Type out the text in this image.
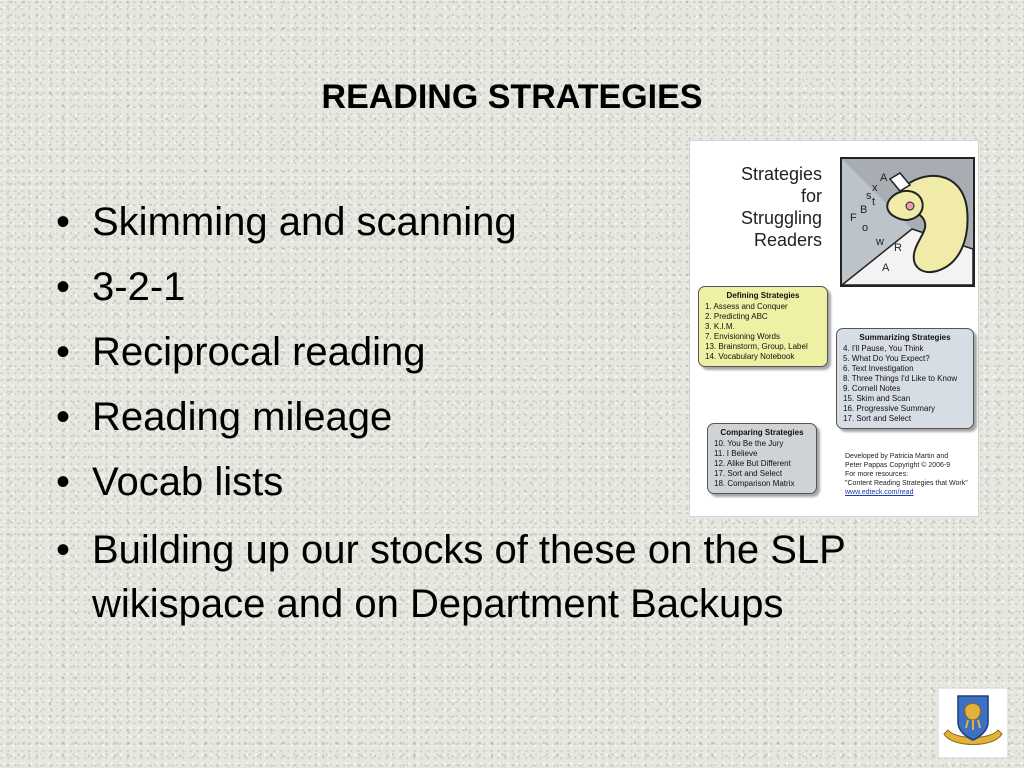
READING STRATEGIES
• Skimming and scanning
• 3-2-1
• Reciprocal reading
• Reading mileage
• Vocab lists
• Building up our stocks of these on the SLP wikispace and on Department Backups
Strategies
for
Struggling
Readers
A
x
s t
B
F
o
w R
A
Defining Strategies
1. Assess and Conquer
2. Predicting ABC
3. K.I.M.
7. Envisioning Words
13. Brainstorm, Group, Label
14. Vocabulary Notebook
Summarizing Strategies
4. I'll Pause, You Think
5. What Do You Expect?
6. Text Investigation
8. Three Things I'd Like to Know
9. Cornell Notes
15. Skim and Scan
16. Progressive Summary
17. Sort and Select
Comparing Strategies
10. You Be the Jury
11. I Believe
12. Alike But Different
17. Sort and Select
18. Comparison Matrix
Developed by Patricia Martin and
Peter Pappas Copyright © 2006-9
For more resources:
"Content Reading Strategies that Work"
www.edteck.com/read
